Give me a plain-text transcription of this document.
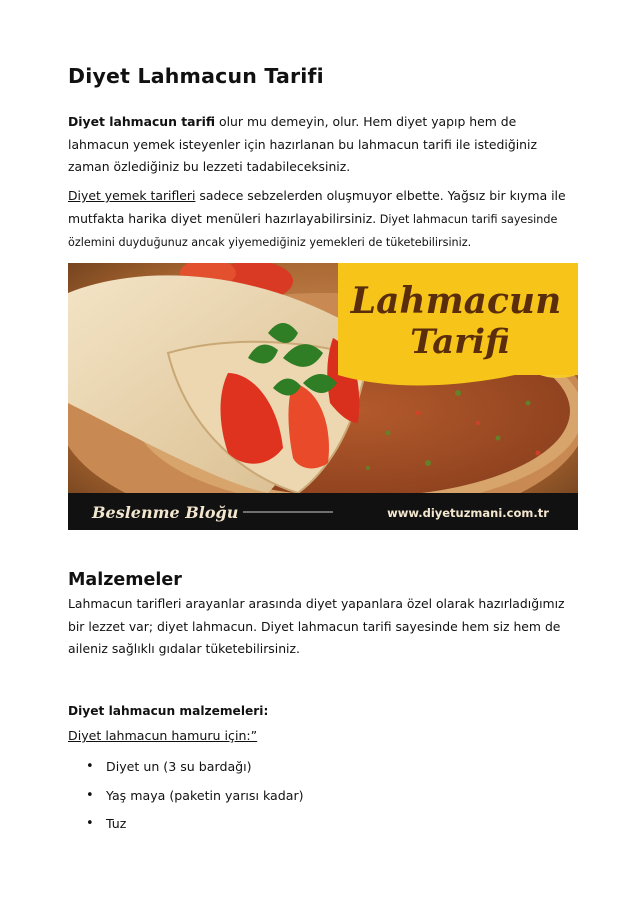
Diyet Lahmacun Tarifi

Diyet lahmacun tarifi olur mu demeyin, olur. Hem diyet yapıp hem de lahmacun yemek isteyenler için hazırlanan bu lahmacun tarifi ile istediğiniz zaman özlediğiniz bu lezzeti tadabileceksiniz.

Diyet yemek tarifleri sadece sebzelerden oluşmuyor elbette. Yağsız bir kıyma ile mutfakta harika diyet menüleri hazırlayabilirsiniz. Diyet lahmacun tarifi sayesinde özlemini duyduğunuz ancak yiyemediğiniz yemekleri de tüketebilirsiniz.

Lahmacun
Tarifi
Beslenme Bloğu	www.diyetuzmani.com.tr
Malzemeler

Lahmacun tarifleri arayanlar arasında diyet yapanlara özel olarak hazırladığımız bir lezzet var; diyet lahmacun. Diyet lahmacun tarifi sayesinde hem siz hem de aileniz sağlıklı gıdalar tüketebilirsiniz.

Diyet lahmacun malzemeleri:

Diyet lahmacun hamuru için:”

• Diyet un (3 su bardağı)
• Yaş maya (paketin yarısı kadar)
• Tuz
